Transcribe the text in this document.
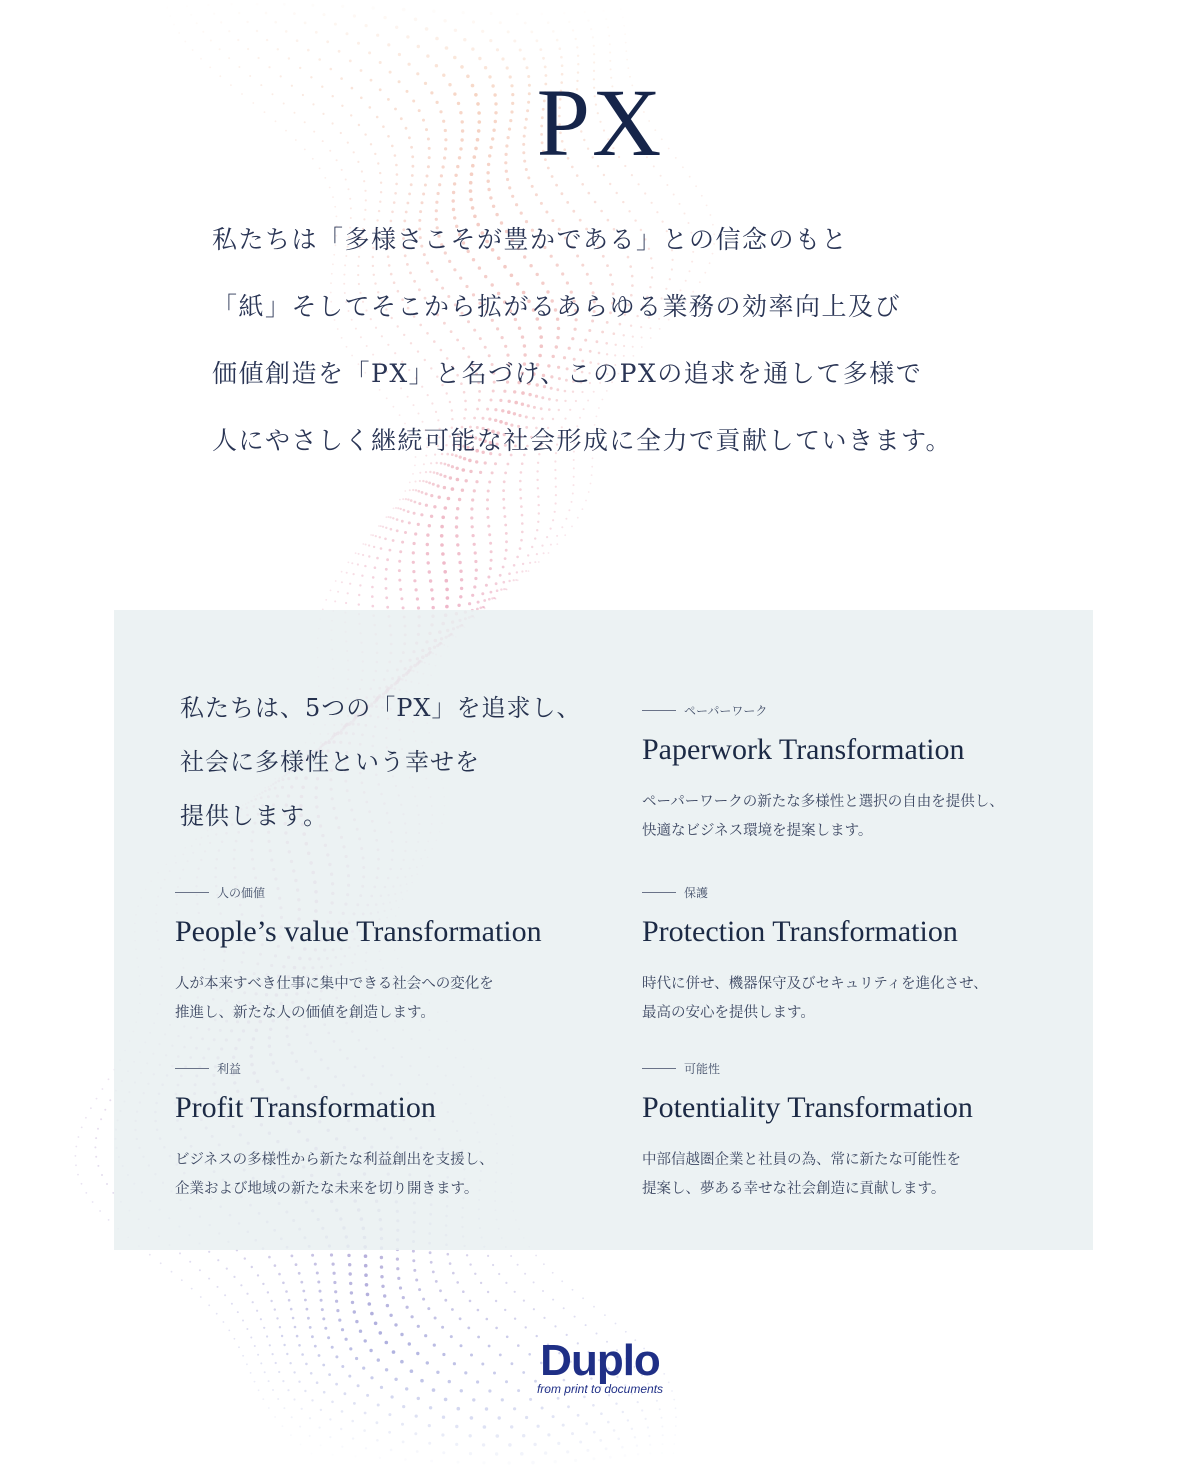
PX
私たちは「多様さこそが豊かである」との信念のもと
「紙」そしてそこから拡がるあらゆる業務の効率向上及び
価値創造を「PX」と名づけ、このPXの追求を通して多様で
人にやさしく継続可能な社会形成に全力で貢献していきます。
私たちは、5つの「PX」を追求し、
社会に多様性という幸せを
提供します。
ペーパーワーク
Paperwork Transformation
ペーパーワークの新たな多様性と選択の自由を提供し、
快適なビジネス環境を提案します。
人の価値
People’s value Transformation
人が本来すべき仕事に集中できる社会への変化を
推進し、新たな人の価値を創造します。
保護
Protection Transformation
時代に併せ、機器保守及びセキュリティを進化させ、
最高の安心を提供します。
利益
Profit Transformation
ビジネスの多様性から新たな利益創出を支援し、
企業および地域の新たな未来を切り開きます。
可能性
Potentiality Transformation
中部信越圏企業と社員の為、常に新たな可能性を
提案し、夢ある幸せな社会創造に貢献します。
Duplo
from print to documents
